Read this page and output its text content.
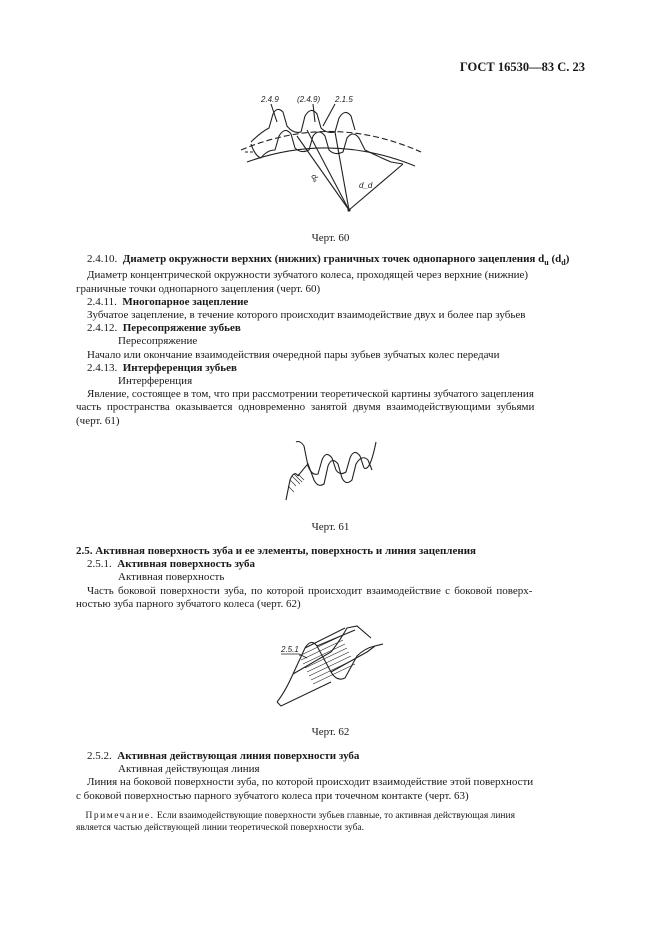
ГОСТ 16530—83 С. 23
2.4.9 (2.4.9) 2.1.5
dₐ
d_d
Черт. 60
 2.4.10. Диаметр окружности верхних (нижних) граничных точек однопарного зацепления $d_u$ $(d_d)$
 Диаметр концентрической окружности зубчатого колеса, проходящей через верхние (нижние)
граничные точки однопарного зацепления (черт. 60)
 2.4.11. Многопарное зацепление
 Зубчатое зацепление, в течение которого происходит взаимодействие двух и более пар зубьев
 2.4.12. Пересопряжение зубьев
Пересопряжение
 Начало или окончание взаимодействия очередной пары зубьев зубчатых колес передачи
 2.4.13. Интерференция зубьев
Интерференция
 Явление, состоящее в том, что при рассмотрении теоретической картины зубчатого зацепления
часть пространства оказывается одновременно занятой двумя взаимодействующими зубьями
(черт. 61)
Черт. 61
2.5. Активная поверхность зуба и ее элементы, поверхность и линия зацепления
 2.5.1. Активная поверхность зуба
Активная поверхность
 Часть боковой поверхности зуба, по которой происходит взаимодействие с боковой поверх-
ностью зуба парного зубчатого колеса (черт. 62)
2.5.1
Черт. 62
 2.5.2. Активная действующая линия поверхности зуба
Активная действующая линия
 Линия на боковой поверхности зуба, по которой происходит взаимодействие этой поверхности
с боковой поверхностью парного зубчатого колеса при точечном контакте (черт. 63)
 Примечание. Если взаимодействующие поверхности зубьев главные, то активная действующая линия
является частью действующей линии теоретической поверхности зуба.
